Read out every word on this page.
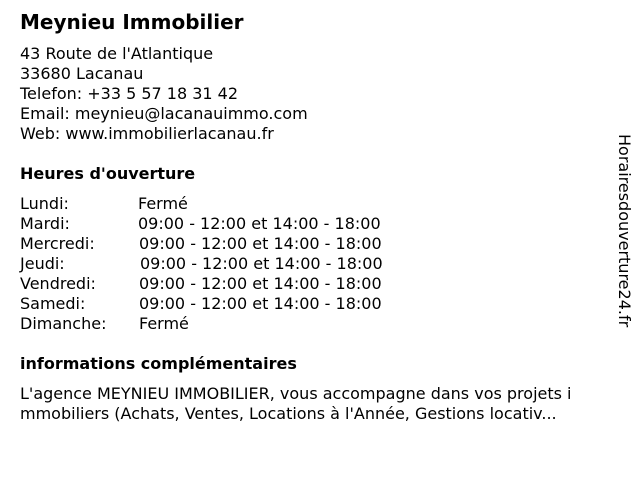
Meynieu Immobilier
43 Route de l'Atlantique
33680 Lacanau
Telefon: +33 5 57 18 31 42
Email: meynieu@lacanauimmo.com
Web: www.immobilierlacanau.fr
Heures d'ouverture
Lundi:	Fermé
Mardi:	09:00 - 12:00 et 14:00 - 18:00
Mercredi:	09:00 - 12:00 et 14:00 - 18:00
Jeudi:	09:00 - 12:00 et 14:00 - 18:00
Vendredi:	09:00 - 12:00 et 14:00 - 18:00
Samedi:	09:00 - 12:00 et 14:00 - 18:00
Dimanche: Fermé
informations complémentaires
L'agence MEYNIEU IMMOBILIER, vous accompagne dans vos projets i
mmobiliers (Achats, Ventes, Locations à l'Année, Gestions locativ...
Horairesdouverture24.fr
